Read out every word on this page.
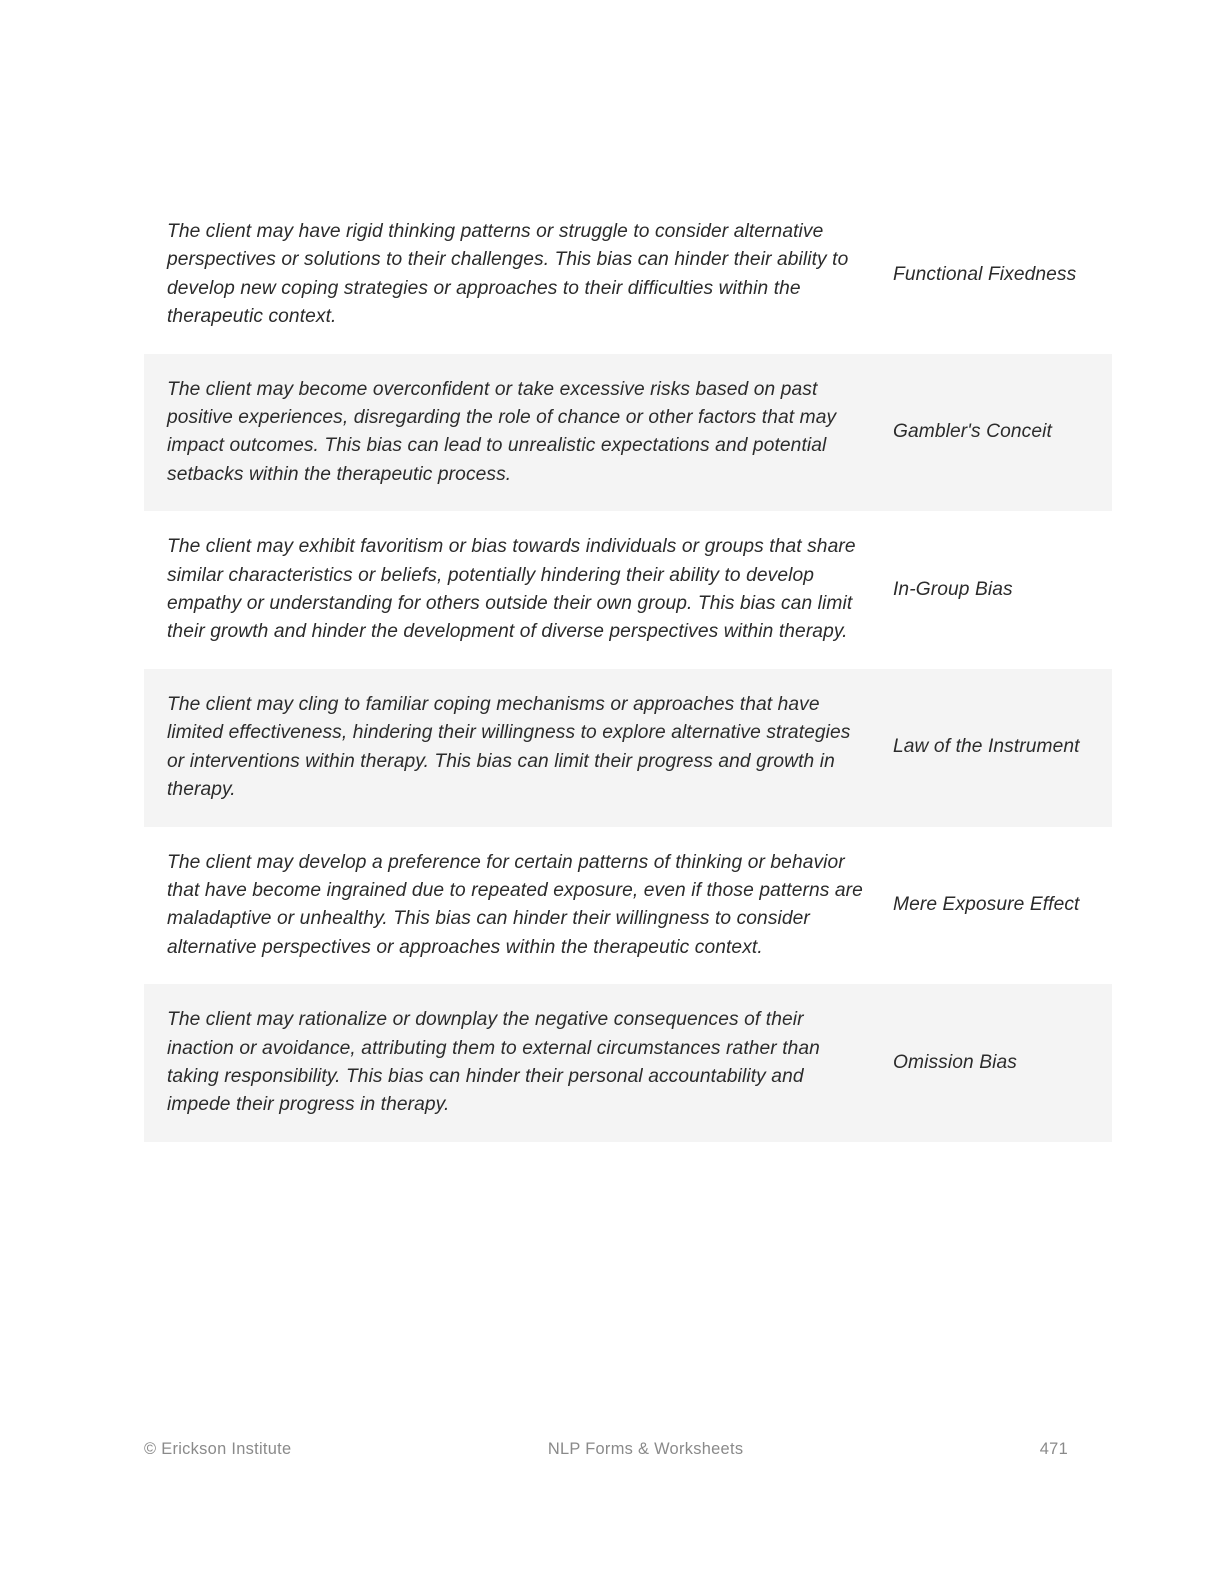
The client may have rigid thinking patterns or struggle to consider alternative perspectives or solutions to their challenges. This bias can hinder their ability to develop new coping strategies or approaches to their difficulties within the therapeutic context.	Functional Fixedness

The client may become overconfident or take excessive risks based on past positive experiences, disregarding the role of chance or other factors that may impact outcomes. This bias can lead to unrealistic expectations and potential setbacks within the therapeutic process.	Gambler's Conceit

The client may exhibit favoritism or bias towards individuals or groups that share similar characteristics or beliefs, potentially hindering their ability to develop empathy or understanding for others outside their own group. This bias can limit their growth and hinder the development of diverse perspectives within therapy.	In-Group Bias

The client may cling to familiar coping mechanisms or approaches that have limited effectiveness, hindering their willingness to explore alternative strategies or interventions within therapy. This bias can limit their progress and growth in therapy.	Law of the Instrument

The client may develop a preference for certain patterns of thinking or behavior that have become ingrained due to repeated exposure, even if those patterns are maladaptive or unhealthy. This bias can hinder their willingness to consider alternative perspectives or approaches within the therapeutic context.	Mere Exposure Effect

The client may rationalize or downplay the negative consequences of their inaction or avoidance, attributing them to external circumstances rather than taking responsibility. This bias can hinder their personal accountability and impede their progress in therapy.	Omission Bias

© Erickson Institute	NLP Forms & Worksheets	471
